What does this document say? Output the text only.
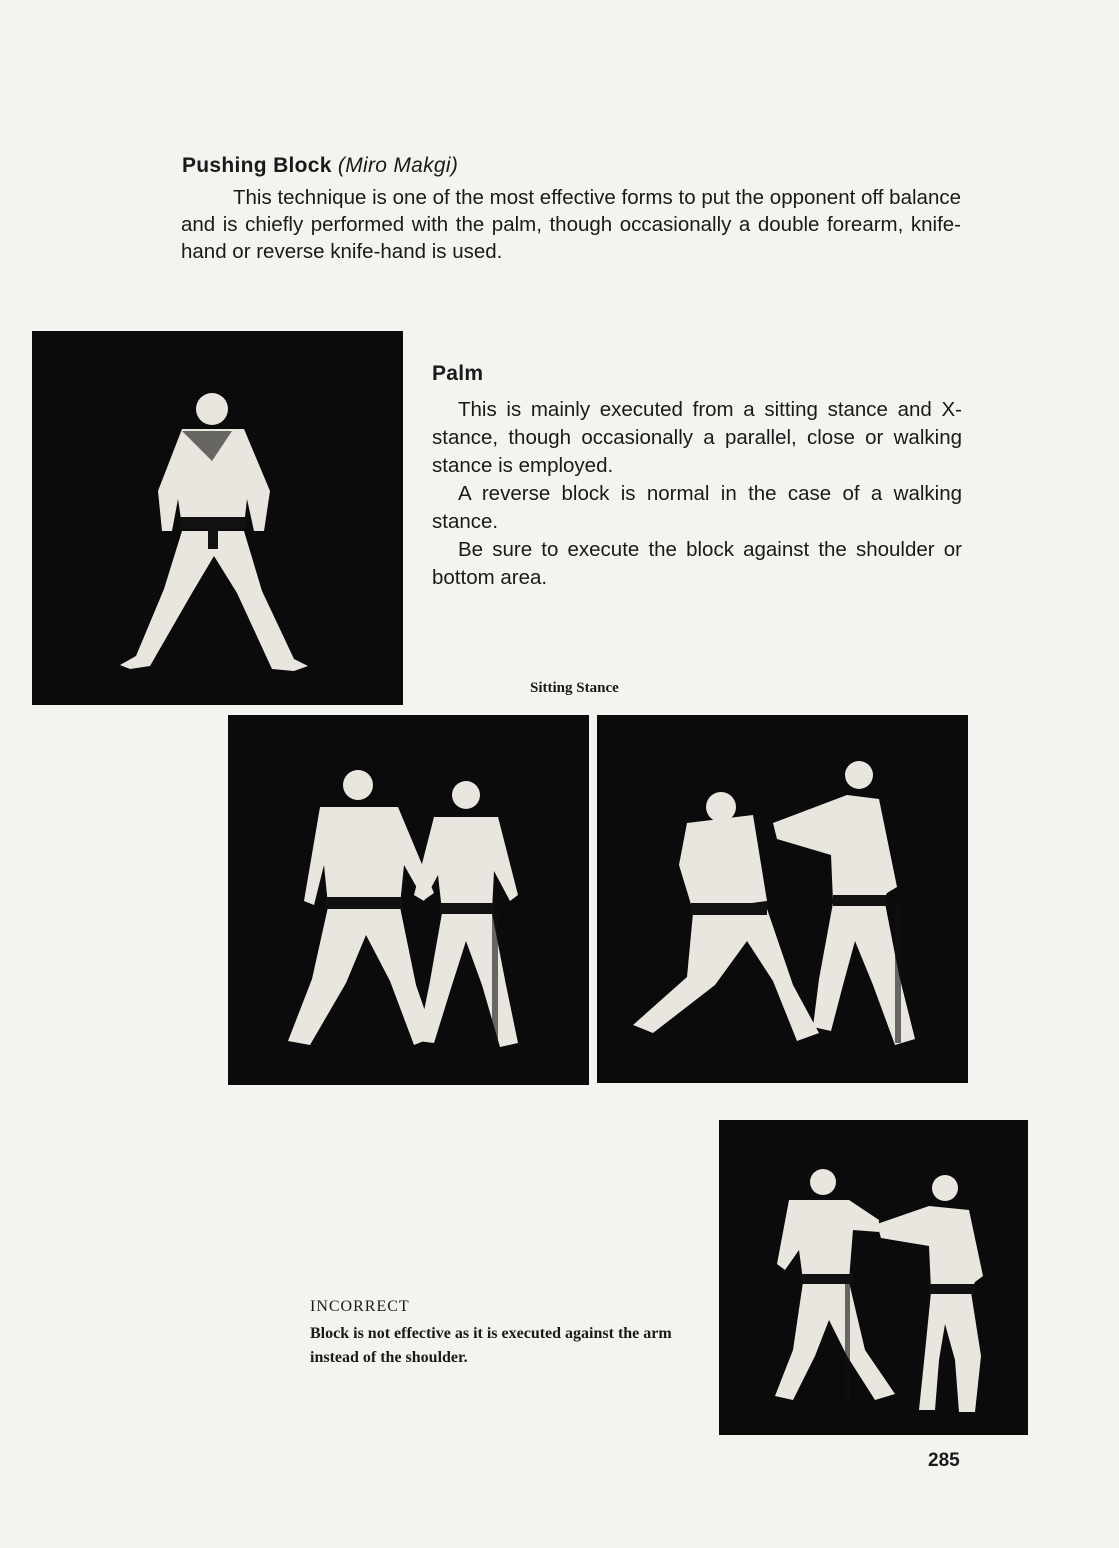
Pushing Block (Miro Makgi)

This technique is one of the most effective forms to put the opponent off balance and is chiefly performed with the palm, though occasionally a double forearm, knife-hand or reverse knife-hand is used.

Palm

This is mainly executed from a sitting stance and X-stance, though occasionally a parallel, close or walking stance is employed.

A reverse block is normal in the case of a walking stance.

Be sure to execute the block against the shoulder or bottom area.

Sitting Stance
INCORRECT
Block is not effective as it is executed against the arm instead of the shoulder.
285
